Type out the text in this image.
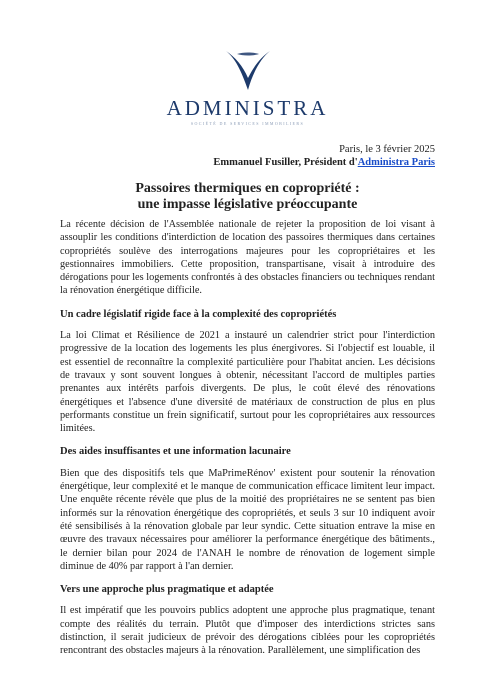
ADMINISTRA
SOCIÉTÉ DE SERVICES IMMOBILIERS
Paris, le 3 février 2025
Emmanuel Fusiller, Président d'Administra Paris
Passoires thermiques en copropriété :
une impasse législative préoccupante

La récente décision de l'Assemblée nationale de rejeter la proposition de loi visant à assouplir les conditions d'interdiction de location des passoires thermiques dans certaines copropriétés soulève des interrogations majeures pour les copropriétaires et les gestionnaires immobiliers. Cette proposition, transpartisane, visait à introduire des dérogations pour les logements confrontés à des obstacles financiers ou techniques rendant la rénovation énergétique difficile.

Un cadre législatif rigide face à la complexité des copropriétés

La loi Climat et Résilience de 2021 a instauré un calendrier strict pour l'interdiction progressive de la location des logements les plus énergivores. Si l'objectif est louable, il est essentiel de reconnaître la complexité particulière pour l'habitat ancien. Les décisions de travaux y sont souvent longues à obtenir, nécessitant l'accord de multiples parties prenantes aux intérêts parfois divergents. De plus, le coût élevé des rénovations énergétiques et l'absence d'une diversité de matériaux de construction de plus en plus performants constitue un frein significatif, surtout pour les copropriétaires aux ressources limitées.

Des aides insuffisantes et une information lacunaire

Bien que des dispositifs tels que MaPrimeRénov' existent pour soutenir la rénovation énergétique, leur complexité et le manque de communication efficace limitent leur impact. Une enquête récente révèle que plus de la moitié des propriétaires ne se sentent pas bien informés sur la rénovation énergétique des copropriétés, et seuls 3 sur 10 indiquent avoir été sensibilisés à la rénovation globale par leur syndic. Cette situation entrave la mise en œuvre des travaux nécessaires pour améliorer la performance énergétique des bâtiments., le dernier bilan pour 2024 de l'ANAH le nombre de rénovation de logement simple diminue de 40% par rapport à l'an dernier.

Vers une approche plus pragmatique et adaptée

Il est impératif que les pouvoirs publics adoptent une approche plus pragmatique, tenant compte des réalités du terrain. Plutôt que d'imposer des interdictions strictes sans distinction, il serait judicieux de prévoir des dérogations ciblées pour les copropriétés rencontrant des obstacles majeurs à la rénovation. Parallèlement, une simplification des
